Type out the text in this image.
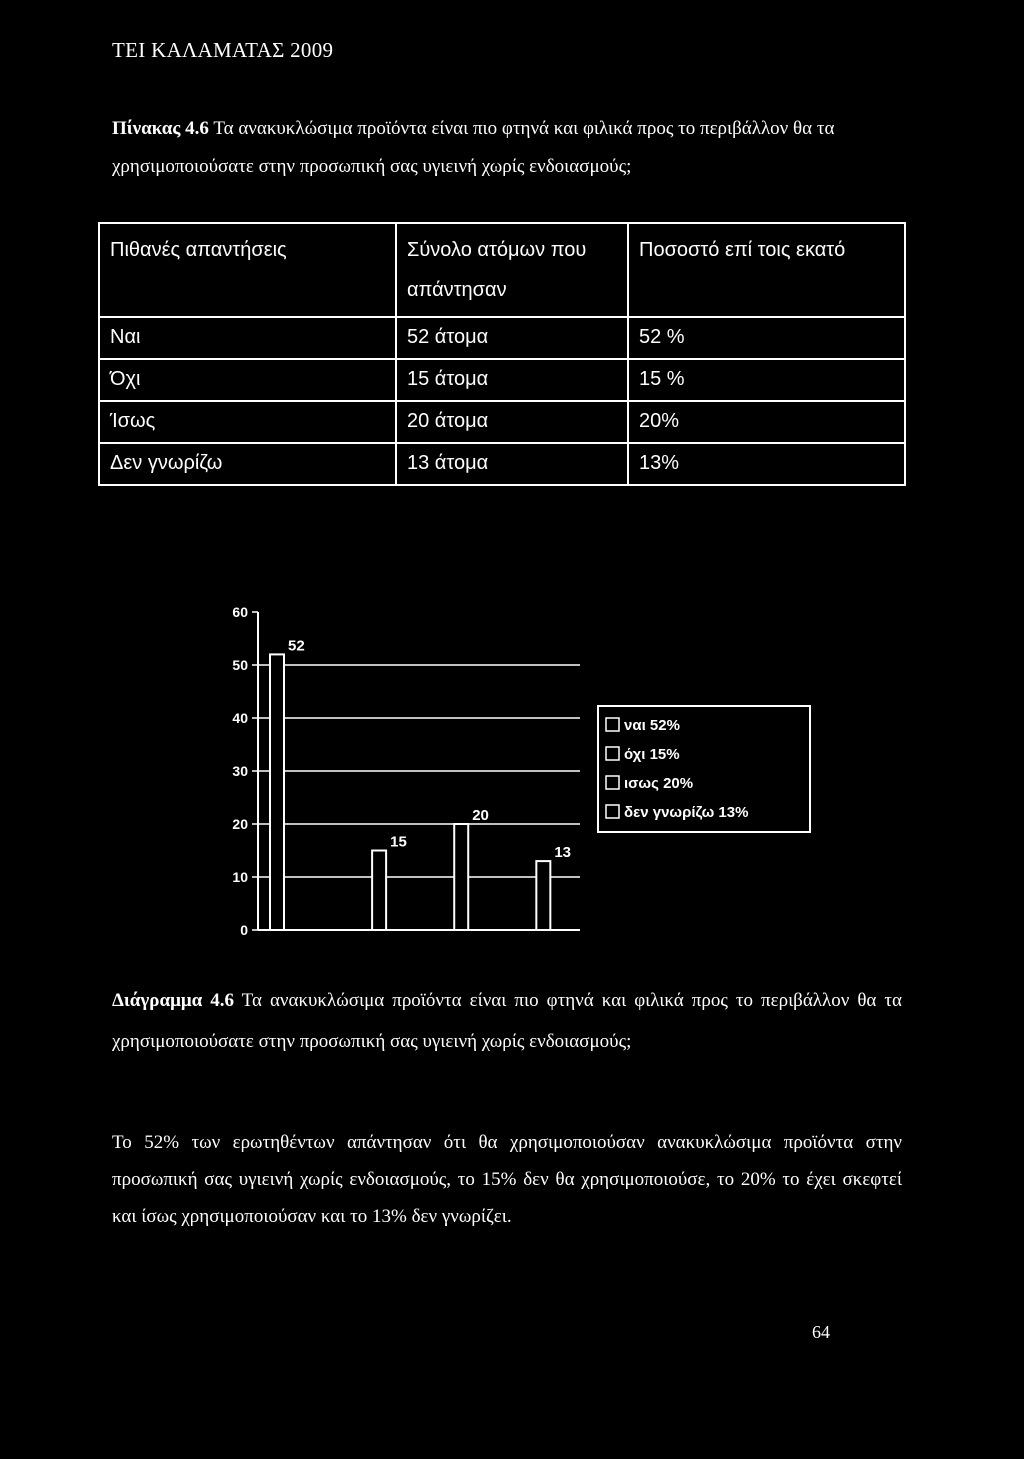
ΤΕΙ ΚΑΛΑΜΑΤΑΣ 2009
Πίνακας 4.6 Τα ανακυκλώσιμα προϊόντα είναι πιο φτηνά και φιλικά προς το περιβάλλον θα τα χρησιμοποιούσατε στην προσωπική σας υγιεινή χωρίς ενδοιασμούς;
Πιθανές απαντήσεις	Σύνολο ατόμων που απάντησαν	Ποσοστό επί τοις εκατό
Ναι	52 άτομα	52 %
Όχι	15 άτομα	15 %
Ίσως	20 άτομα	20%
Δεν γνωρίζω	13 άτομα	13%
0
10
20
30
40
50
60
52
15
20
13
ναι 52%
όχι 15%
ισως 20%
δεν γνωρίζω 13%
Διάγραμμα 4.6 Τα ανακυκλώσιμα προϊόντα είναι πιο φτηνά και φιλικά προς το περιβάλλον θα τα χρησιμοποιούσατε στην προσωπική σας υγιεινή χωρίς ενδοιασμούς;
Το 52% των ερωτηθέντων απάντησαν ότι θα χρησιμοποιούσαν ανακυκλώσιμα προϊόντα στην προσωπική σας υγιεινή χωρίς ενδοιασμούς, το 15% δεν θα χρησιμοποιούσε, το 20% το έχει σκεφτεί και ίσως χρησιμοποιούσαν και το 13% δεν γνωρίζει.
64
